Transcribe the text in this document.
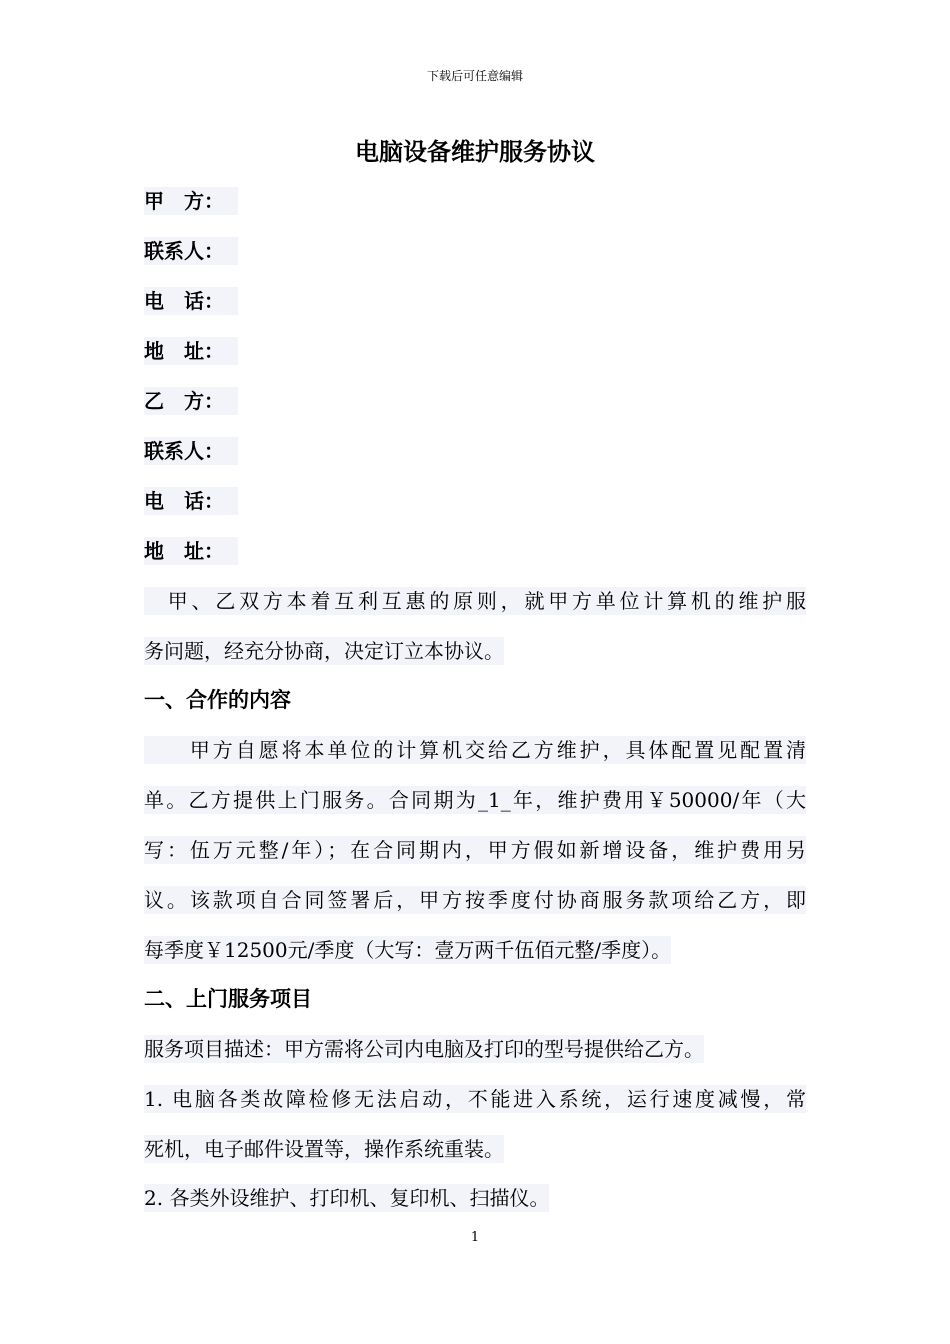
下载后可任意编辑
电脑设备维护服务协议
甲　方：
联系人：
电　话：
地　址：
乙　方：
联系人：
电　话：
地　址：
　甲、乙双方本着互利互惠的原则，就甲方单位计算机的维护服
务问题，经充分协商，决定订立本协议。
一、合作的内容
　　甲方自愿将本单位的计算机交给乙方维护，具体配置见配置清
单。乙方提供上门服务。合同期为_1_年，维护费用￥50000/年（大
写：伍万元整/年）；在合同期内，甲方假如新增设备，维护费用另
议。该款项自合同签署后，甲方按季度付协商服务款项给乙方，即
每季度￥12500元/季度（大写：壹万两千伍佰元整/季度）。
二、上门服务项目
服务项目描述：甲方需将公司内电脑及打印的型号提供给乙方。
1. 电脑各类故障检修无法启动，不能进入系统，运行速度减慢，常
死机，电子邮件设置等，操作系统重装。
2. 各类外设维护、打印机、复印机、扫描仪。
1
